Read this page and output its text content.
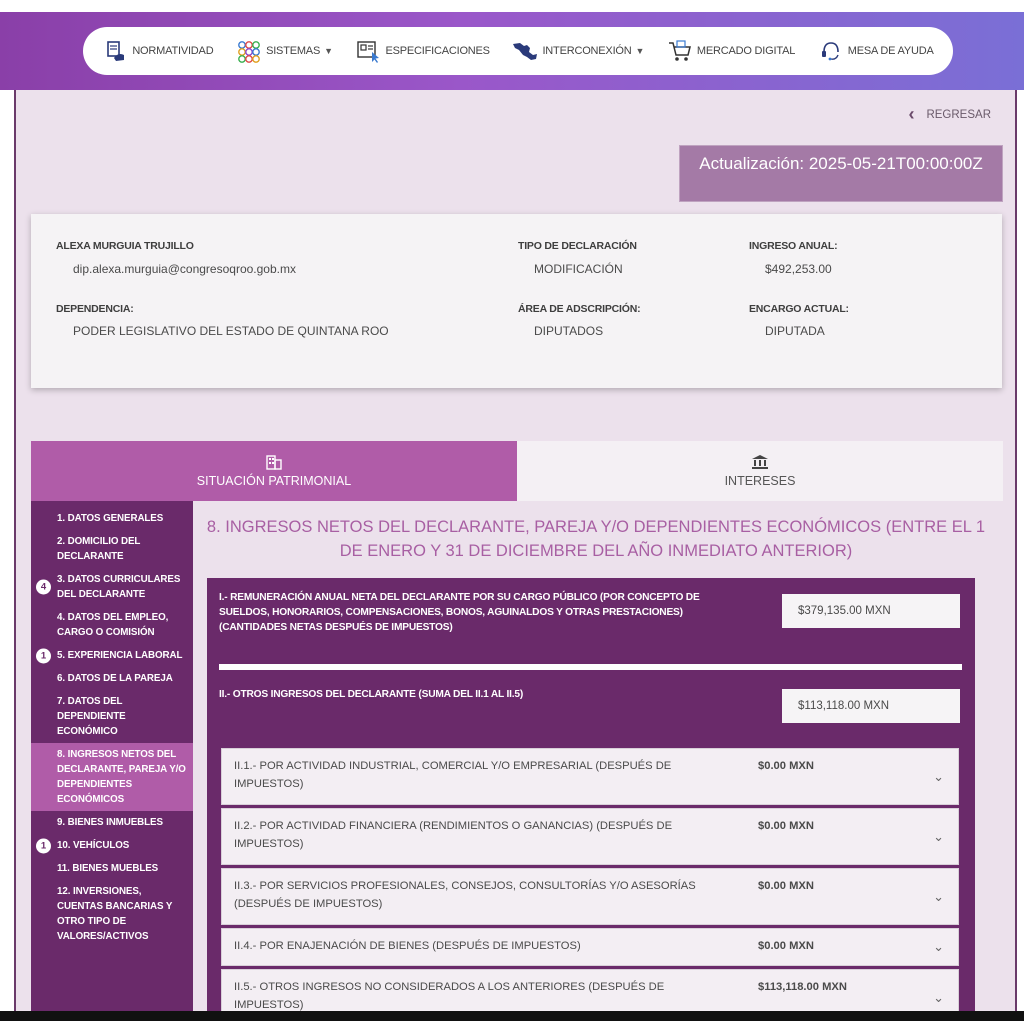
NORMATIVIDAD	SISTEMAS ▼	ESPECIFICACIONES	INTERCONEXIÓN ▼	MERCADO DIGITAL	MESA DE AYUDA
‹ REGRESAR
Actualización: 2025-05-21T00:00:00Z
ALEXA MURGUIA TRUJILLO
dip.alexa.murguia@congresoqroo.gob.mx
TIPO DE DECLARACIÓN
MODIFICACIÓN
INGRESO ANUAL:
$492,253.00
DEPENDENCIA:
PODER LEGISLATIVO DEL ESTADO DE QUINTANA ROO
ÁREA DE ADSCRIPCIÓN:
DIPUTADOS
ENCARGO ACTUAL:
DIPUTADA
SITUACIÓN PATRIMONIAL	INTERESES
1. DATOS GENERALES
2. DOMICILIO DEL DECLARANTE
4
3. DATOS CURRICULARES DEL DECLARANTE
4. DATOS DEL EMPLEO, CARGO O COMISIÓN
1	5. EXPERIENCIA LABORAL
6. DATOS DE LA PAREJA
7. DATOS DEL DEPENDIENTE ECONÓMICO
8. INGRESOS NETOS DEL DECLARANTE, PAREJA Y/O DEPENDIENTES ECONÓMICOS
9. BIENES INMUEBLES
1	10. VEHÍCULOS
11. BIENES MUEBLES
12. INVERSIONES, CUENTAS BANCARIAS Y OTRO TIPO DE VALORES/ACTIVOS
8. INGRESOS NETOS DEL DECLARANTE, PAREJA Y/O DEPENDIENTES ECONÓMICOS (ENTRE EL 1 DE ENERO Y 31 DE DICIEMBRE DEL AÑO INMEDIATO ANTERIOR)
I.- REMUNERACIÓN ANUAL NETA DEL DECLARANTE POR SU CARGO PÚBLICO (POR CONCEPTO DE SUELDOS, HONORARIOS, COMPENSACIONES, BONOS, AGUINALDOS Y OTRAS PRESTACIONES) (CANTIDADES NETAS DESPUÉS DE IMPUESTOS)
$379,135.00 MXN
II.- OTROS INGRESOS DEL DECLARANTE (SUMA DEL II.1 AL II.5)
$113,118.00 MXN
II.1.- POR ACTIVIDAD INDUSTRIAL, COMERCIAL Y/O EMPRESARIAL (DESPUÉS DE IMPUESTOS)
$0.00 MXN
⌄
II.2.- POR ACTIVIDAD FINANCIERA (RENDIMIENTOS O GANANCIAS) (DESPUÉS DE IMPUESTOS)
$0.00 MXN
⌄
II.3.- POR SERVICIOS PROFESIONALES, CONSEJOS, CONSULTORÍAS Y/O ASESORÍAS (DESPUÉS DE IMPUESTOS)
$0.00 MXN
⌄
II.4.- POR ENAJENACIÓN DE BIENES (DESPUÉS DE IMPUESTOS)	$0.00 MXN	⌄
II.5.- OTROS INGRESOS NO CONSIDERADOS A LOS ANTERIORES (DESPUÉS DE IMPUESTOS)
$113,118.00 MXN
⌄
